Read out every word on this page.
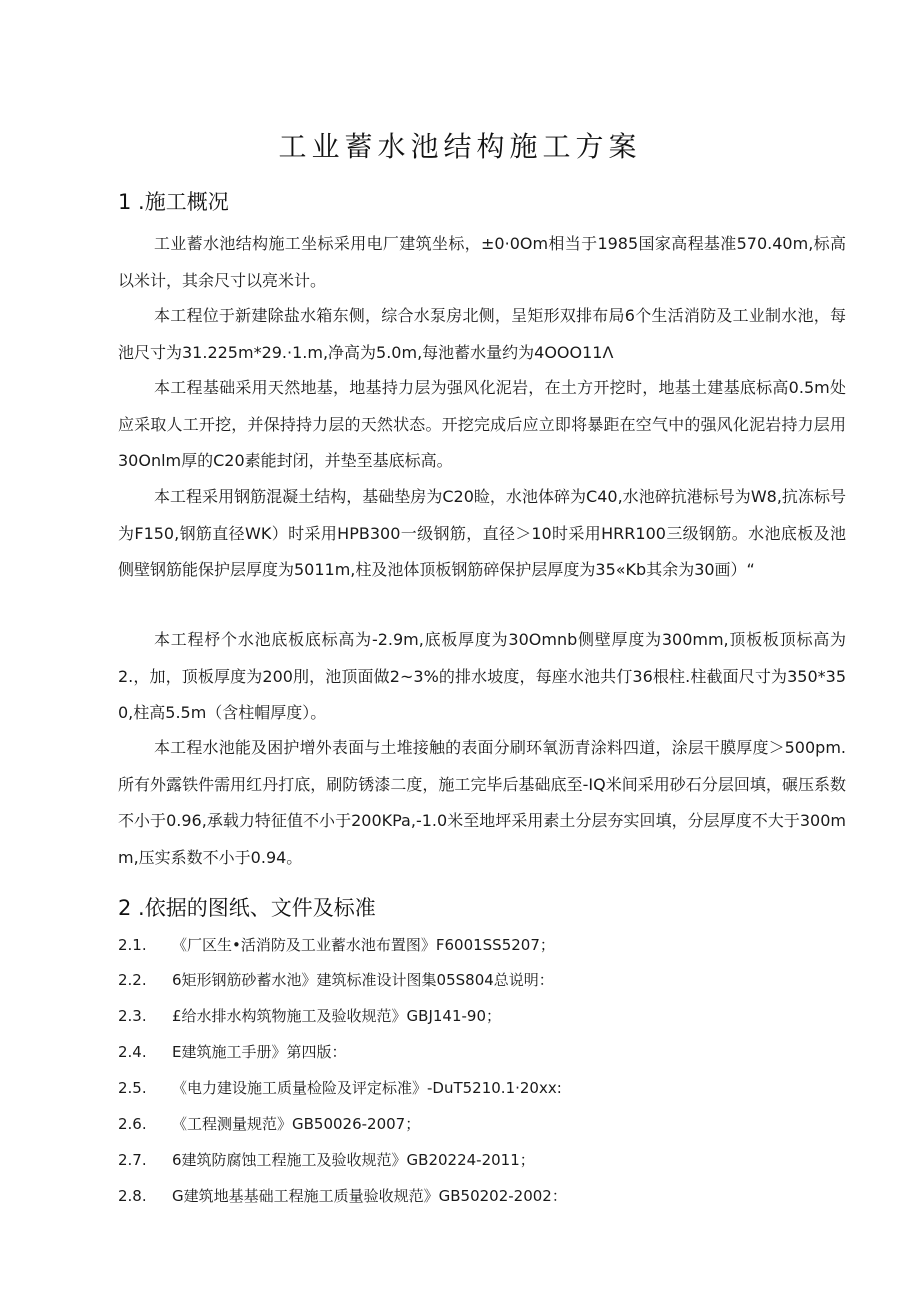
工业蓄水池结构施工方案
1 .施工概况
工业蓄水池结构施工坐标采用电厂建筑坐标，±0·0Om相当于1985国家高程基准570.40m,标高以米计，其余尺寸以亮米计。
本工程位于新建除盐水箱东侧，综合水泵房北侧，呈矩形双排布局6个生活消防及工业制水池，每池尺寸为31.225m*29.·1.m,净高为5.0m,每池蓄水量约为4OOO11Λ
本工程基础采用天然地基，地基持力层为强风化泥岩，在土方开挖时，地基土建基底标高0.5m处应采取人工开挖，并保持持力层的天然状态。开挖完成后应立即将暴距在空气中的强风化泥岩持力层用30Onlm厚的C20素能封闭，并垫至基底标高。
本工程采用钢筋混凝土结构，基础垫房为C20睑，水池体碎为C40,水池碎抗港标号为W8,抗冻标号为F150,钢筋直径WK）时采用HPB300一级钢筋，直径＞10时采用HRR100三级钢筋。水池底板及池侧壁钢筋能保护层厚度为5011m,柱及池体顶板钢筋碎保护层厚度为35«Kb其余为30画）“
本工程杼个水池底板底标高为-2.9m,底板厚度为30Omnb侧壁厚度为300mm,顶板板顶标高为2.，加，顶板厚度为200刖，池顶面做2~3%的排水坡度，每座水池共仃36根柱.柱截面尺寸为350*350,柱高5.5m（含柱帽厚度）。
本工程水池能及困护增外表面与土堆接触的表面分刷环氧沥青涂料四道，涂层干膜厚度＞500pm.所有外露铁件需用红丹打底，刷防锈漆二度，施工完毕后基础底至-IQ米间采用砂石分层回填，碾压系数不小于0.96,承载力特征值不小于200KPa,-1.0米至地坪采用素土分层夯实回填，分层厚度不大于300mm,压实系数不小于0.94。
2 .依据的图纸、文件及标准
2.1.	《厂区生•活消防及工业蓄水池布置图》F6001SS5207；
2.2.	6矩形钢筋砂蓄水池》建筑标准设计图集05S804总说明：
2.3.	£给水排水构筑物施工及验收规范》GBJ141-90；
2.4.	E建筑施工手册》第四版：
2.5.	《电力建设施工质量检险及评定标准》-DuT5210.1·20xx:
2.6.	《工程测量规范》GB50026-2007；
2.7.	6建筑防腐蚀工程施工及验收规范》GB20224-2011；
2.8.	G建筑地基基础工程施工质量验收规范》GB50202-2002：
